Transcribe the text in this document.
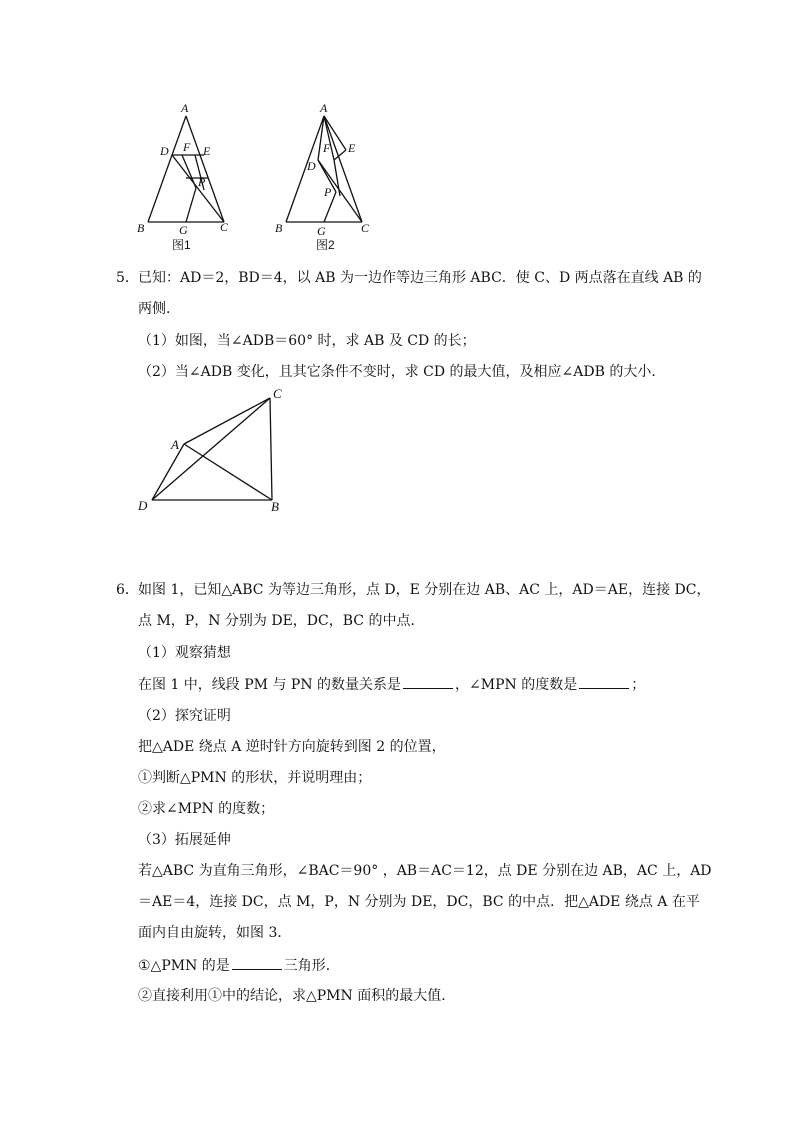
A
D F E
P
B	G	C
图1
A
F E
D
P
B	G	C
图2
5． 已知：AD＝2，BD＝4，以 AB 为一边作等边三角形 ABC．使 C、D 两点落在直线 AB 的
两侧．
（1）如图，当∠ADB＝60° 时，求 AB 及 CD 的长；
（2）当∠ADB 变化，且其它条件不变时，求 CD 的最大值，及相应∠ADB 的大小．
C
A
D	B
6． 如图 1，已知△ABC 为等边三角形，点 D，E 分别在边 AB、AC 上，AD＝AE，连接 DC，
点 M，P，N 分别为 DE，DC，BC 的中点．
（1）观察猜想
在图 1 中，线段 PM 与 PN 的数量关系是	，∠MPN 的度数是	；
（2）探究证明
把△ADE 绕点 A 逆时针方向旋转到图 2 的位置，
①判断△PMN 的形状，并说明理由；
②求∠MPN 的度数；
（3）拓展延伸
若△ABC 为直角三角形，∠BAC＝90° ，AB＝AC＝12，点 DE 分别在边 AB，AC 上，AD
＝AE＝4，连接 DC，点 M，P，N 分别为 DE，DC，BC 的中点．把△ADE 绕点 A 在平
面内自由旋转，如图 3．
①△PMN 的是	三角形．
②直接利用①中的结论，求△PMN 面积的最大值．
